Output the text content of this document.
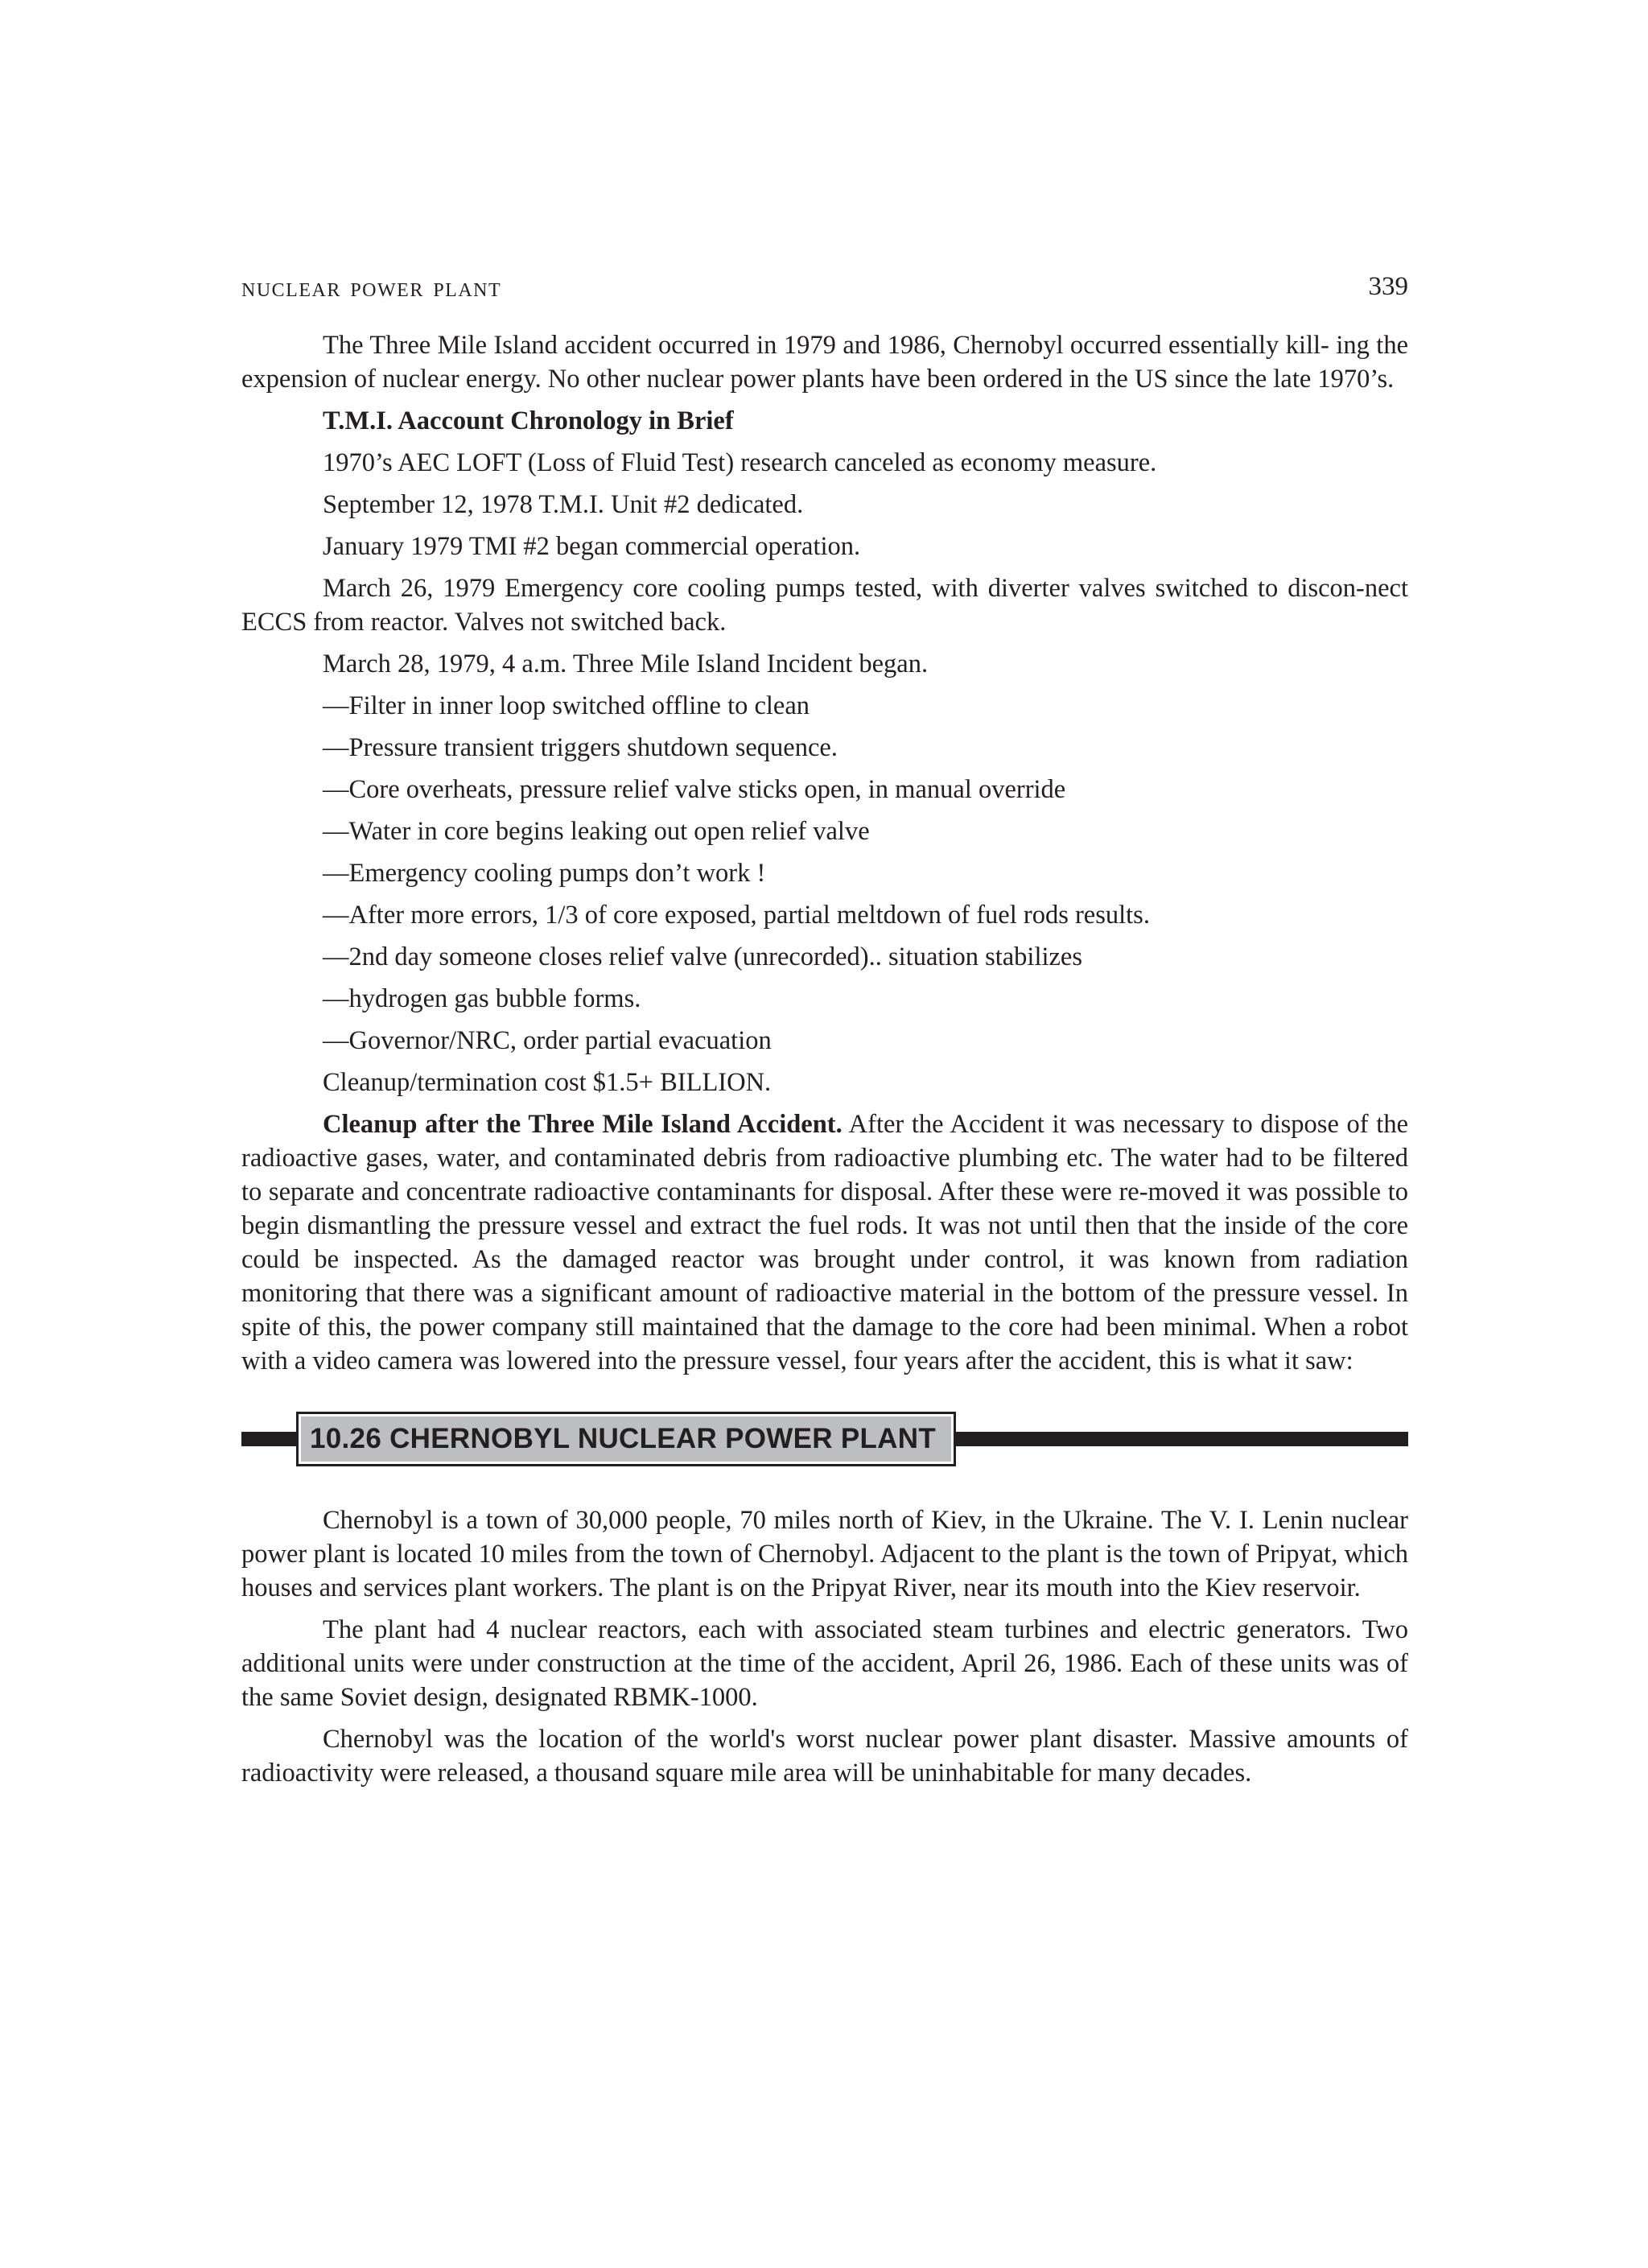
NUCLEAR POWER PLANT	339

The Three Mile Island accident occurred in 1979 and 1986, Chernobyl occurred essentially kill- ing the expension of nuclear energy. No other nuclear power plants have been ordered in the US since the late 1970’s.

T.M.I. Aaccount Chronology in Brief
1970’s AEC LOFT (Loss of Fluid Test) research canceled as economy measure.
September 12, 1978 T.M.I. Unit #2 dedicated.
January 1979 TMI #2 began commercial operation.
March 26, 1979 Emergency core cooling pumps tested, with diverter valves switched to discon-nect ECCS from reactor. Valves not switched back.
March 28, 1979, 4 a.m. Three Mile Island Incident began.
—Filter in inner loop switched offline to clean
—Pressure transient triggers shutdown sequence.
—Core overheats, pressure relief valve sticks open, in manual override
—Water in core begins leaking out open relief valve
—Emergency cooling pumps don’t work !
—After more errors, 1/3 of core exposed, partial meltdown of fuel rods results.
—2nd day someone closes relief valve (unrecorded).. situation stabilizes
—hydrogen gas bubble forms.
—Governor/NRC, order partial evacuation
Cleanup/termination cost $1.5+ BILLION.

Cleanup after the Three Mile Island Accident. After the Accident it was necessary to dispose of the radioactive gases, water, and contaminated debris from radioactive plumbing etc. The water had to be filtered to separate and concentrate radioactive contaminants for disposal. After these were re-moved it was possible to begin dismantling the pressure vessel and extract the fuel rods. It was not until then that the inside of the core could be inspected. As the damaged reactor was brought under control, it was known from radiation monitoring that there was a significant amount of radioactive material in the bottom of the pressure vessel. In spite of this, the power company still maintained that the damage to the core had been minimal. When a robot with a video camera was lowered into the pressure vessel, four years after the accident, this is what it saw:

10.26 CHERNOBYL NUCLEAR POWER PLANT

Chernobyl is a town of 30,000 people, 70 miles north of Kiev, in the Ukraine. The V. I. Lenin nuclear power plant is located 10 miles from the town of Chernobyl. Adjacent to the plant is the town of Pripyat, which houses and services plant workers. The plant is on the Pripyat River, near its mouth into the Kiev reservoir.

The plant had 4 nuclear reactors, each with associated steam turbines and electric generators. Two additional units were under construction at the time of the accident, April 26, 1986. Each of these units was of the same Soviet design, designated RBMK-1000.

Chernobyl was the location of the world's worst nuclear power plant disaster. Massive amounts of radioactivity were released, a thousand square mile area will be uninhabitable for many decades.
